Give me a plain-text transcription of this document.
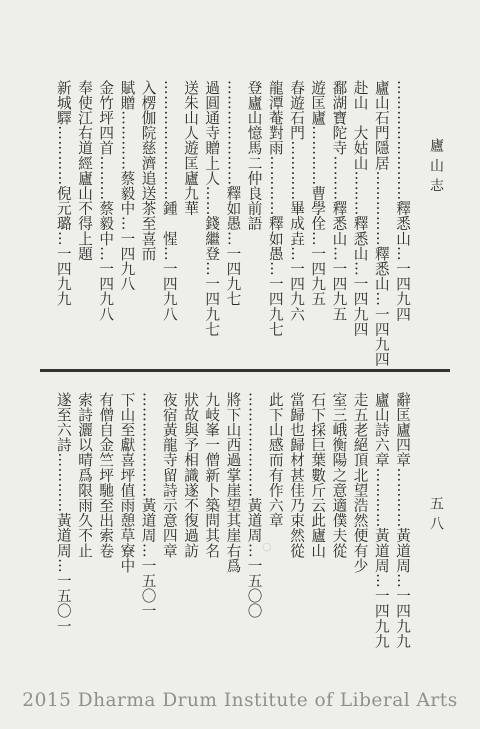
廬山志
五八
……………………釋悉山…一四九四
廬山石門隱居……………釋悉山…一四九四
赴山　大姑山………釋悉山…一四九四
鄱湖寶陀寺………釋悉山…一四九五
遊匡廬…………曹學佺…一四九五
春遊石門…………畢成垚…一四九六
龍潭菴對雨…………釋如愚…一四九七
登廬山憶馬二仲良前語
…………………釋如愚…一四九七
過圓通寺贈上人……錢繼登…一四九七
送朱山人遊匡廬九華
……………………鍾　惺…一四九八
入楞伽院慈濟追送茶至喜而
賦贈…………蔡毅中…一四九八
金竹坪四首………蔡毅中…一四九八
奉使江右道經廬山不得上題
新城驛…………倪元璐…一四九九
辭匡廬四章…………黃道周…一四九九
廬山詩六章…………黃道周…一四九九
走五老絕頂北望浩然便有少
室三峨衡陽之意適僕夫從
石下採巨葉數斤云此廬山
當歸也歸材甚佳乃束然從
此下山感而有作六章
…………………黃道周…一五〇〇
將下山西過掌崖望其崖右爲
九岐峯一僧新卜築問其名
狀故與予相識遂不復過訪
夜宿黃龍寺留詩示意四章
…………………黃道周…一五〇一
下山至獻喜坪值雨憩草寮中
有僧自金竺坪馳至出索卷
索詩灑以晴爲限雨久不止
遂至六詩…………黃道周…一五〇一	○
2015 Dharma Drum Institute of Liberal Arts
